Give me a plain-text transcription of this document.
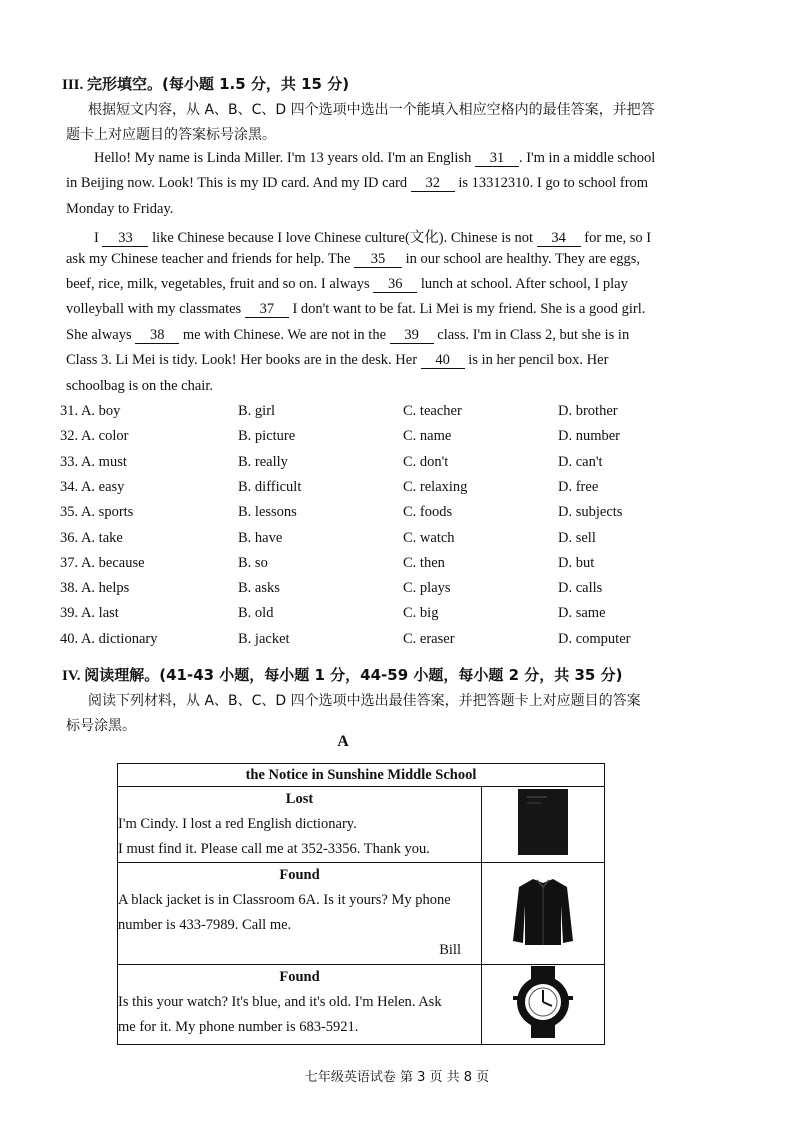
III. 完形填空。(每小题 1.5 分，共 15 分)
根据短文内容，从 A、B、C、D 四个选项中选出一个能填入相应空格内的最佳答案，并把答
题卡上对应题目的答案标号涂黑。
Hello! My name is Linda Miller. I'm 13 years old. I'm an English 31 . I'm in a middle school
in Beijing now. Look! This is my ID card. And my ID card 32 is 13312310. I go to school from
Monday to Friday.
I 33 like Chinese because I love Chinese culture(文化). Chinese is not 34 for me, so I
ask my Chinese teacher and friends for help. The 35 in our school are healthy. They are eggs,
beef, rice, milk, vegetables, fruit and so on. I always 36 lunch at school. After school, I play
volleyball with my classmates 37 I don't want to be fat. Li Mei is my friend. She is a good girl.
She always 38 me with Chinese. We are not in the 39 class. I'm in Class 2, but she is in
Class 3. Li Mei is tidy. Look! Her books are in the desk. Her 40 is in her pencil box. Her
schoolbag is on the chair.
31. A. boy	B. girl	C. teacher	D. brother
32. A. color	B. picture	C. name	D. number
33. A. must	B. really	C. don't	D. can't
34. A. easy	B. difficult	C. relaxing	D. free
35. A. sports	B. lessons	C. foods	D. subjects
36. A. take	B. have	C. watch	D. sell
37. A. because	B. so	C. then	D. but
38. A. helps	B. asks	C. plays	D. calls
39. A. last	B. old	C. big	D. same
40. A. dictionary	B. jacket	C. eraser	D. computer
IV. 阅读理解。(41-43 小题，每小题 1 分，44-59 小题，每小题 2 分，共 35 分)
阅读下列材料，从 A、B、C、D 四个选项中选出最佳答案，并把答题卡上对应题目的答案
标号涂黑。
A
the Notice in Sunshine Middle School	

Lost
I'm Cindy. I lost a red English dictionary.
I must find it. Please call me at 352-3356. Thank you.

Found
A black jacket is in Classroom 6A. Is it yours? My phone
number is 433-7989. Call me.
Bill

Found
Is this your watch? It's blue, and it's old. I'm Helen. Ask
me for it. My phone number is 683-5921.

七年级英语试卷 第 3 页 共 8 页
